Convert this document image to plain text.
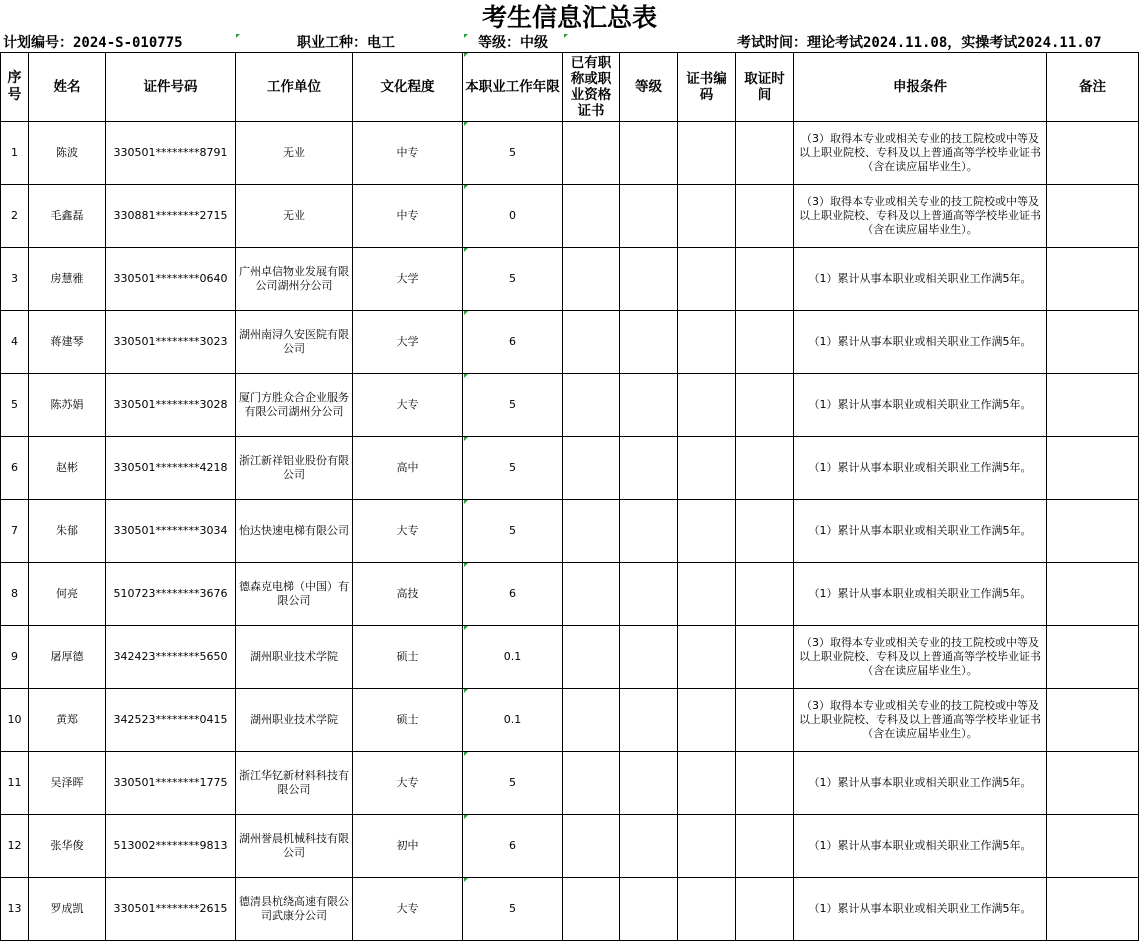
考生信息汇总表
计划编号：2024-S-010775	职业工种：电工	等级：中级	考试时间：理论考试2024.11.08，实操考试2024.11.07
序号	姓名	证件号码	工作单位	文化程度	本职业工作年限	已有职称或职业资格证书	等级	证书编码	取证时间	申报条件	备注
1	陈波	330501********8791	无业	中专	5					（3）取得本专业或相关专业的技工院校或中等及以上职业院校、专科及以上普通高等学校毕业证书（含在读应届毕业生）。	
2	毛鑫磊	330881********2715	无业	中专	0					（3）取得本专业或相关专业的技工院校或中等及以上职业院校、专科及以上普通高等学校毕业证书（含在读应届毕业生）。	
3	房慧雅	330501********0640	广州卓信物业发展有限公司湖州分公司	大学	5					（1）累计从事本职业或相关职业工作满5年。	
4	蒋建琴	330501********3023	湖州南浔久安医院有限公司	大学	6					（1）累计从事本职业或相关职业工作满5年。	
5	陈苏娟	330501********3028	厦门方胜众合企业服务有限公司湖州分公司	大专	5					（1）累计从事本职业或相关职业工作满5年。	
6	赵彬	330501********4218	浙江新祥铝业股份有限公司	高中	5					（1）累计从事本职业或相关职业工作满5年。	
7	朱郁	330501********3034	怡达快速电梯有限公司	大专	5					（1）累计从事本职业或相关职业工作满5年。	
8	何亮	510723********3676	德森克电梯（中国）有限公司	高技	6					（1）累计从事本职业或相关职业工作满5年。	
9	屠厚德	342423********5650	湖州职业技术学院	硕士	0.1					（3）取得本专业或相关专业的技工院校或中等及以上职业院校、专科及以上普通高等学校毕业证书（含在读应届毕业生）。	
10	黄郑	342523********0415	湖州职业技术学院	硕士	0.1					（3）取得本专业或相关专业的技工院校或中等及以上职业院校、专科及以上普通高等学校毕业证书（含在读应届毕业生）。	
11	吴泽晖	330501********1775	浙江华钇新材料科技有限公司	大专	5					（1）累计从事本职业或相关职业工作满5年。	
12	张华俊	513002********9813	湖州誉晨机械科技有限公司	初中	6					（1）累计从事本职业或相关职业工作满5年。	
13	罗成凯	330501********2615	德清县杭绕高速有限公司武康分公司	大专	5					（1）累计从事本职业或相关职业工作满5年。	
